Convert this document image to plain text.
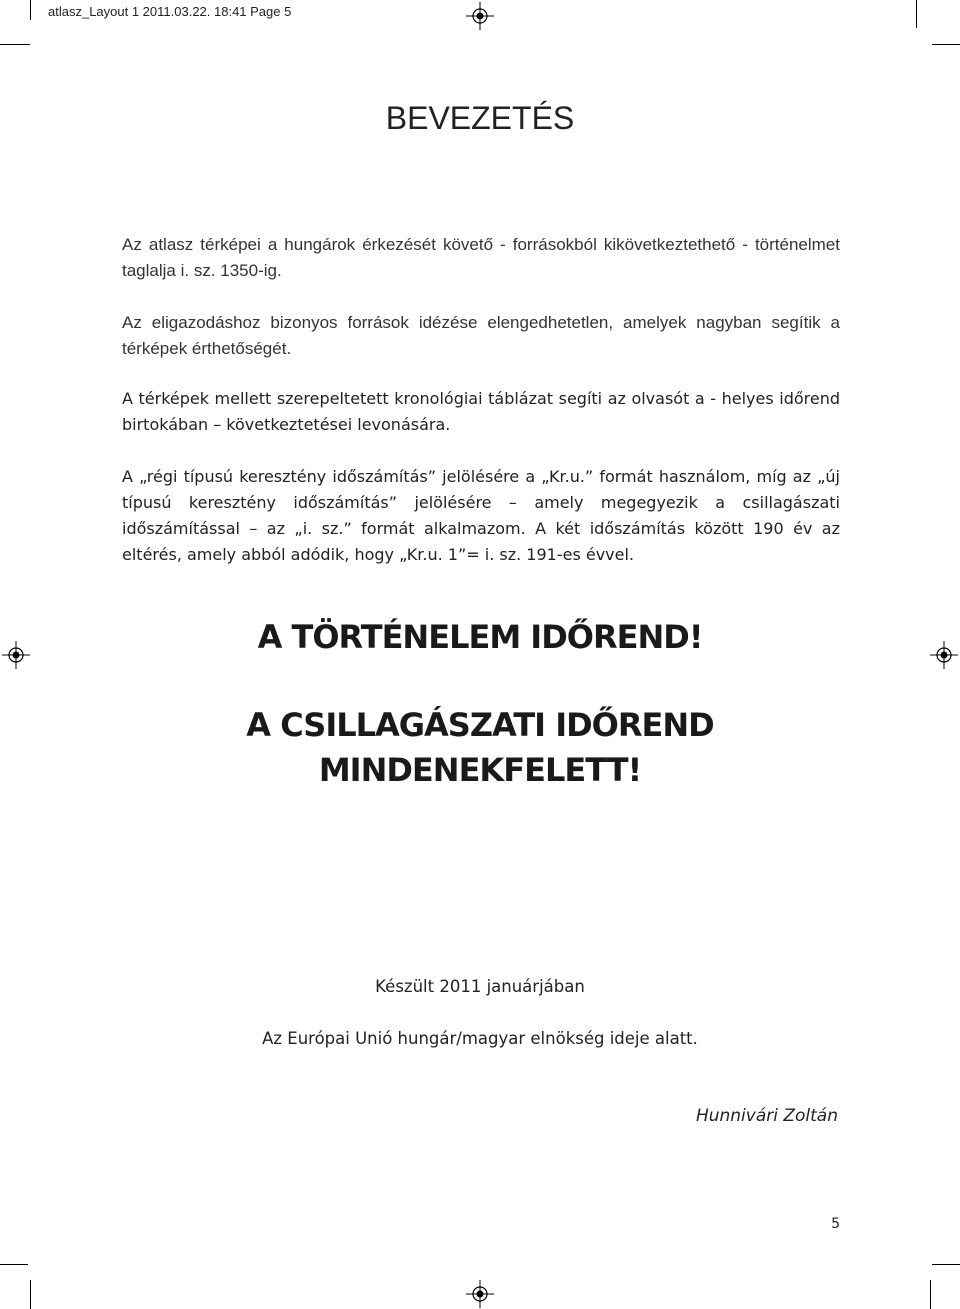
atlasz_Layout 1 2011.03.22. 18:41 Page 5
BEVEZETÉS

Az atlasz térképei a hungárok érkezését követő - forrásokból kikövetkeztethető - történelmet taglalja i. sz. 1350-ig.

Az eligazodáshoz bizonyos források idézése elengedhetetlen, amelyek nagyban segítik a térképek érthetőségét.

A térképek mellett szerepeltetett kronológiai táblázat segíti az olvasót a - helyes időrend birtokában – következtetései levonására.

A „régi típusú keresztény időszámítás” jelölésére a „Kr.u.” formát használom, míg az „új típusú keresztény időszámítás” jelölésére – amely megegyezik a csillagászati időszámítással – az „i. sz.” formát alkalmazom. A két időszámítás között 190 év az eltérés, amely abból adódik, hogy „Kr.u. 1”= i. sz. 191-es évvel.

A TÖRTÉNELEM IDŐREND!
A CSILLAGÁSZATI IDŐREND
MINDENEKFELETT!
Készült 2011 januárjában
Az Európai Unió hungár/magyar elnökség ideje alatt.
Hunnivári Zoltán
5
